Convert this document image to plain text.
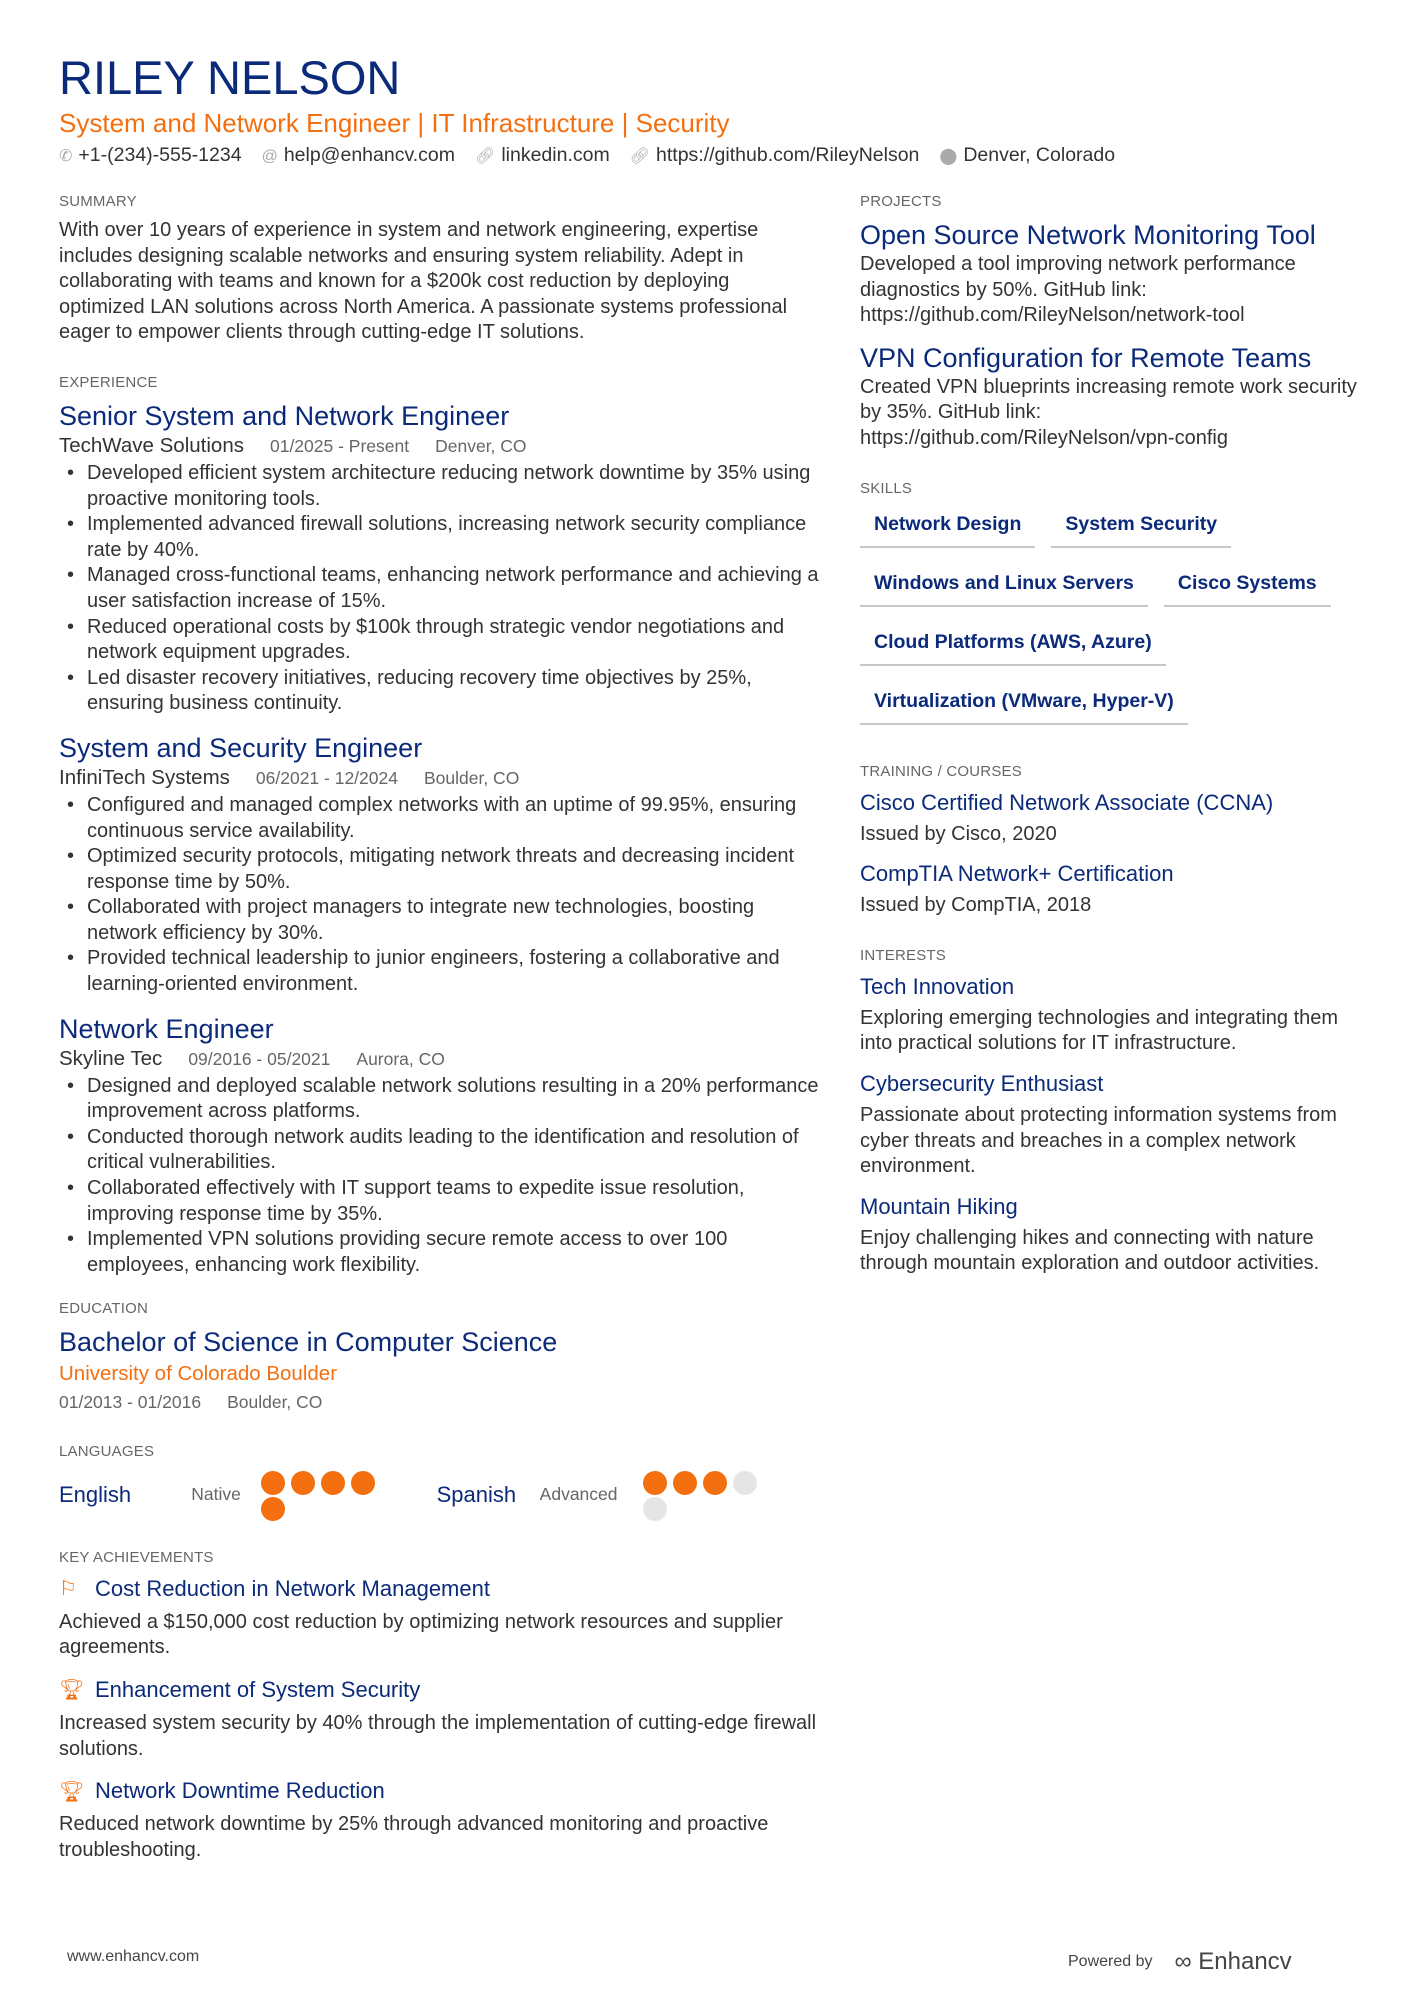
RILEY NELSON
System and Network Engineer | IT Infrastructure | Security
✆ +1-(234)-555-1234 @ help@enhancv.com 🔗︎ linkedin.com 🔗︎ https://github.com/RileyNelson ⬤ Denver, Colorado
SUMMARY
With over 10 years of experience in system and network engineering, expertise includes designing scalable networks and ensuring system reliability. Adept in collaborating with teams and known for a $200k cost reduction by deploying optimized LAN solutions across North America. A passionate systems professional eager to empower clients through cutting-edge IT solutions.
EXPERIENCE
Senior System and Network Engineer
TechWave Solutions 01/2025 - Present Denver, CO
• Developed efficient system architecture reducing network downtime by 35% using proactive monitoring tools.
• Implemented advanced firewall solutions, increasing network security compliance rate by 40%.
• Managed cross-functional teams, enhancing network performance and achieving a user satisfaction increase of 15%.
• Reduced operational costs by $100k through strategic vendor negotiations and network equipment upgrades.
• Led disaster recovery initiatives, reducing recovery time objectives by 25%, ensuring business continuity.
System and Security Engineer
InfiniTech Systems 06/2021 - 12/2024 Boulder, CO
• Configured and managed complex networks with an uptime of 99.95%, ensuring continuous service availability.
• Optimized security protocols, mitigating network threats and decreasing incident response time by 50%.
• Collaborated with project managers to integrate new technologies, boosting network efficiency by 30%.
• Provided technical leadership to junior engineers, fostering a collaborative and learning-oriented environment.
Network Engineer
Skyline Tec 09/2016 - 05/2021 Aurora, CO
• Designed and deployed scalable network solutions resulting in a 20% performance improvement across platforms.
• Conducted thorough network audits leading to the identification and resolution of critical vulnerabilities.
• Collaborated effectively with IT support teams to expedite issue resolution, improving response time by 35%.
• Implemented VPN solutions providing secure remote access to over 100 employees, enhancing work flexibility.
EDUCATION
Bachelor of Science in Computer Science
University of Colorado Boulder
01/2013 - 01/2016 Boulder, CO
LANGUAGES
English	Native	Spanish	Advanced
KEY ACHIEVEMENTS
⚐ Cost Reduction in Network Management
Achieved a $150,000 cost reduction by optimizing network resources and supplier agreements.
🏆︎ Enhancement of System Security
Increased system security by 40% through the implementation of cutting-edge firewall solutions.
🏆︎ Network Downtime Reduction
Reduced network downtime by 25% through advanced monitoring and proactive troubleshooting.
PROJECTS
Open Source Network Monitoring Tool
Developed a tool improving network performance diagnostics by 50%. GitHub link: https://github.com/RileyNelson/network-tool
VPN Configuration for Remote Teams
Created VPN blueprints increasing remote work security by 35%. GitHub link: https://github.com/RileyNelson/vpn-config
SKILLS
Network Design	System Security
Windows and Linux Servers	Cisco Systems
Cloud Platforms (AWS, Azure)
Virtualization (VMware, Hyper-V)
TRAINING / COURSES
Cisco Certified Network Associate (CCNA)
Issued by Cisco, 2020
CompTIA Network+ Certification
Issued by CompTIA, 2018
INTERESTS
Tech Innovation
Exploring emerging technologies and integrating them into practical solutions for IT infrastructure.
Cybersecurity Enthusiast
Passionate about protecting information systems from cyber threats and breaches in a complex network environment.
Mountain Hiking
Enjoy challenging hikes and connecting with nature through mountain exploration and outdoor activities.
www.enhancv.com	Powered by ∞ Enhancv
